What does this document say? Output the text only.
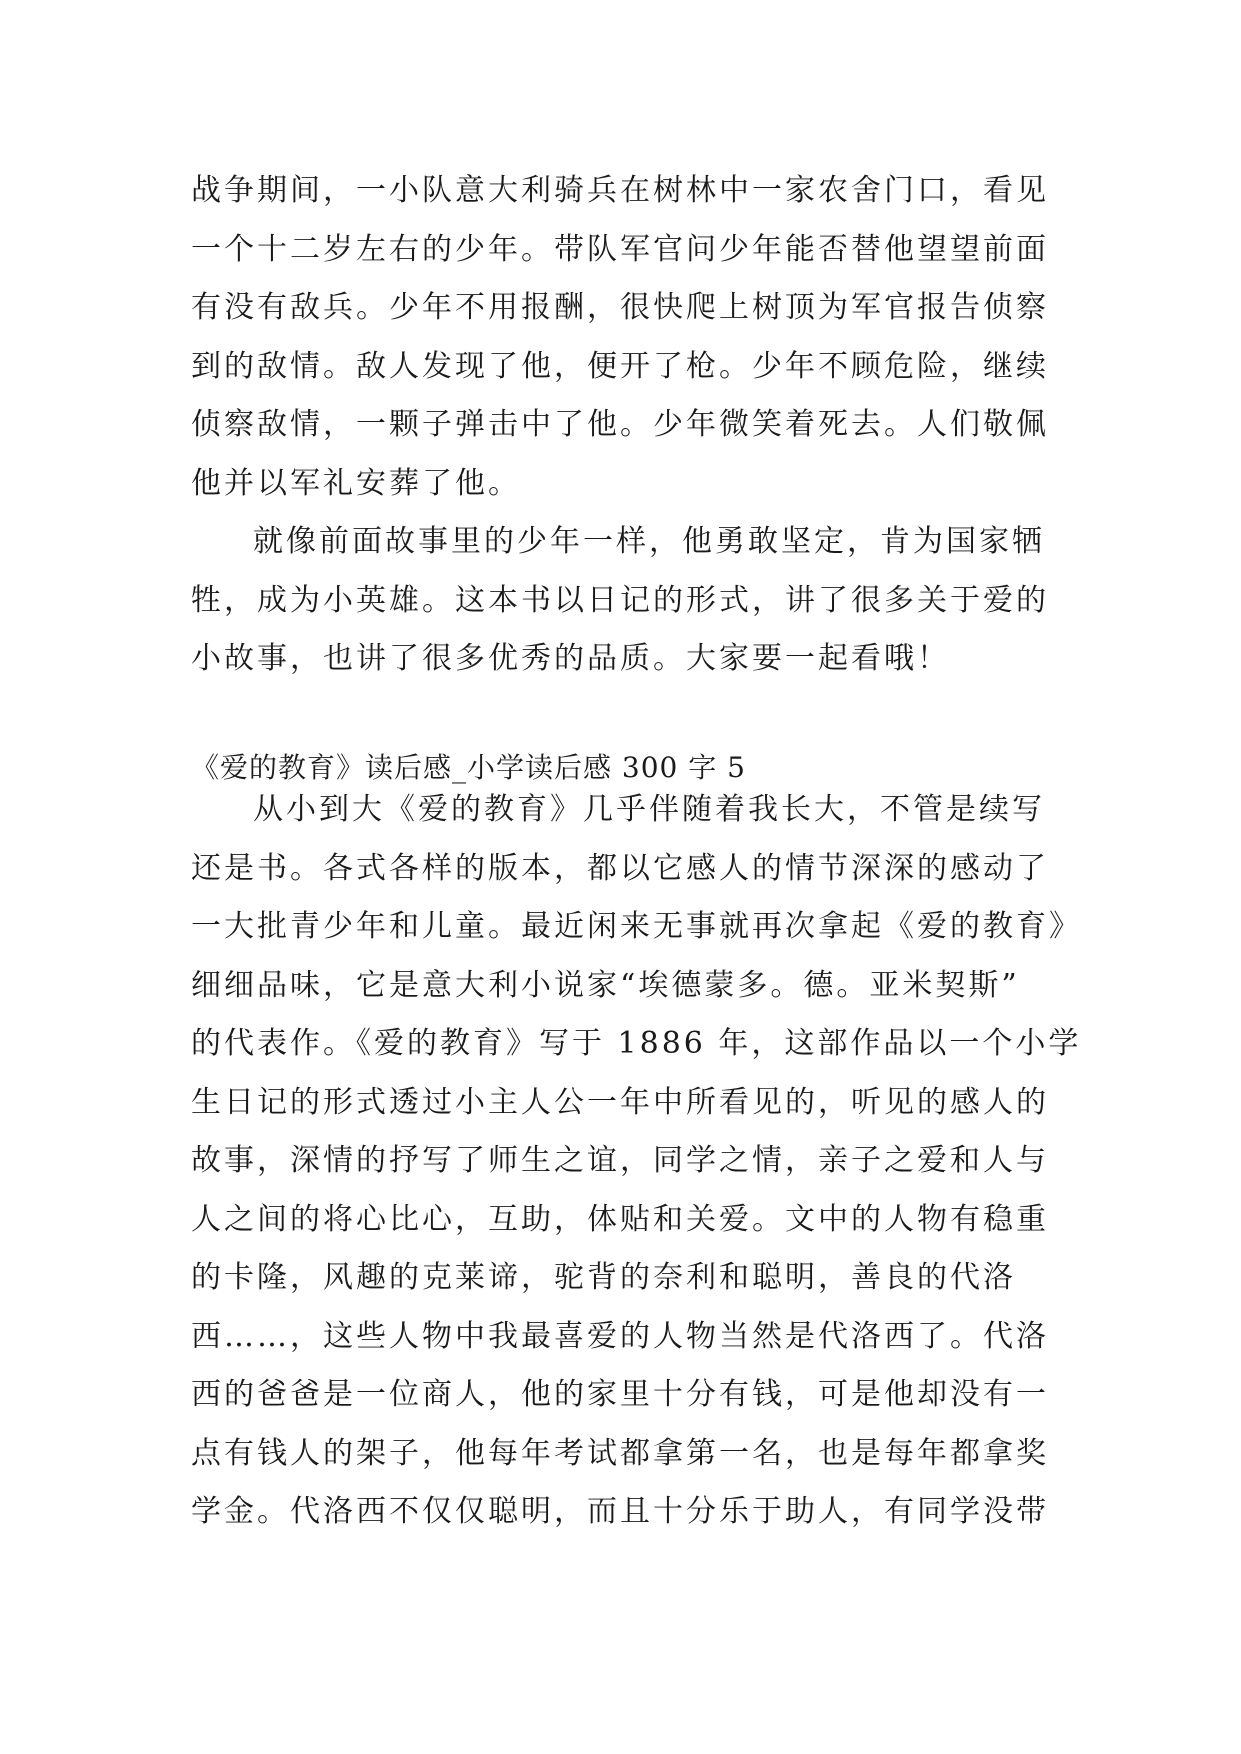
战争期间，一小队意大利骑兵在树林中一家农舍门口，看见
一个十二岁左右的少年。带队军官问少年能否替他望望前面
有没有敌兵。少年不用报酬，很快爬上树顶为军官报告侦察
到的敌情。敌人发现了他，便开了枪。少年不顾危险，继续
侦察敌情，一颗子弹击中了他。少年微笑着死去。人们敬佩
他并以军礼安葬了他。
就像前面故事里的少年一样，他勇敢坚定，肯为国家牺
牲，成为小英雄。这本书以日记的形式，讲了很多关于爱的
小故事，也讲了很多优秀的品质。大家要一起看哦！
《爱的教育》读后感_小学读后感 300 字 5
从小到大《爱的教育》几乎伴随着我长大，不管是续写
还是书。各式各样的版本，都以它感人的情节深深的感动了
一大批青少年和儿童。最近闲来无事就再次拿起《爱的教育》
细细品味，它是意大利小说家“埃德蒙多。德。亚米契斯”
的代表作。《爱的教育》写于 1886 年，这部作品以一个小学
生日记的形式透过小主人公一年中所看见的，听见的感人的
故事，深情的抒写了师生之谊，同学之情，亲子之爱和人与
人之间的将心比心，互助，体贴和关爱。文中的人物有稳重
的卡隆，风趣的克莱谛，驼背的奈利和聪明，善良的代洛
西……，这些人物中我最喜爱的人物当然是代洛西了。代洛
西的爸爸是一位商人，他的家里十分有钱，可是他却没有一
点有钱人的架子，他每年考试都拿第一名，也是每年都拿奖
学金。代洛西不仅仅聪明，而且十分乐于助人，有同学没带
